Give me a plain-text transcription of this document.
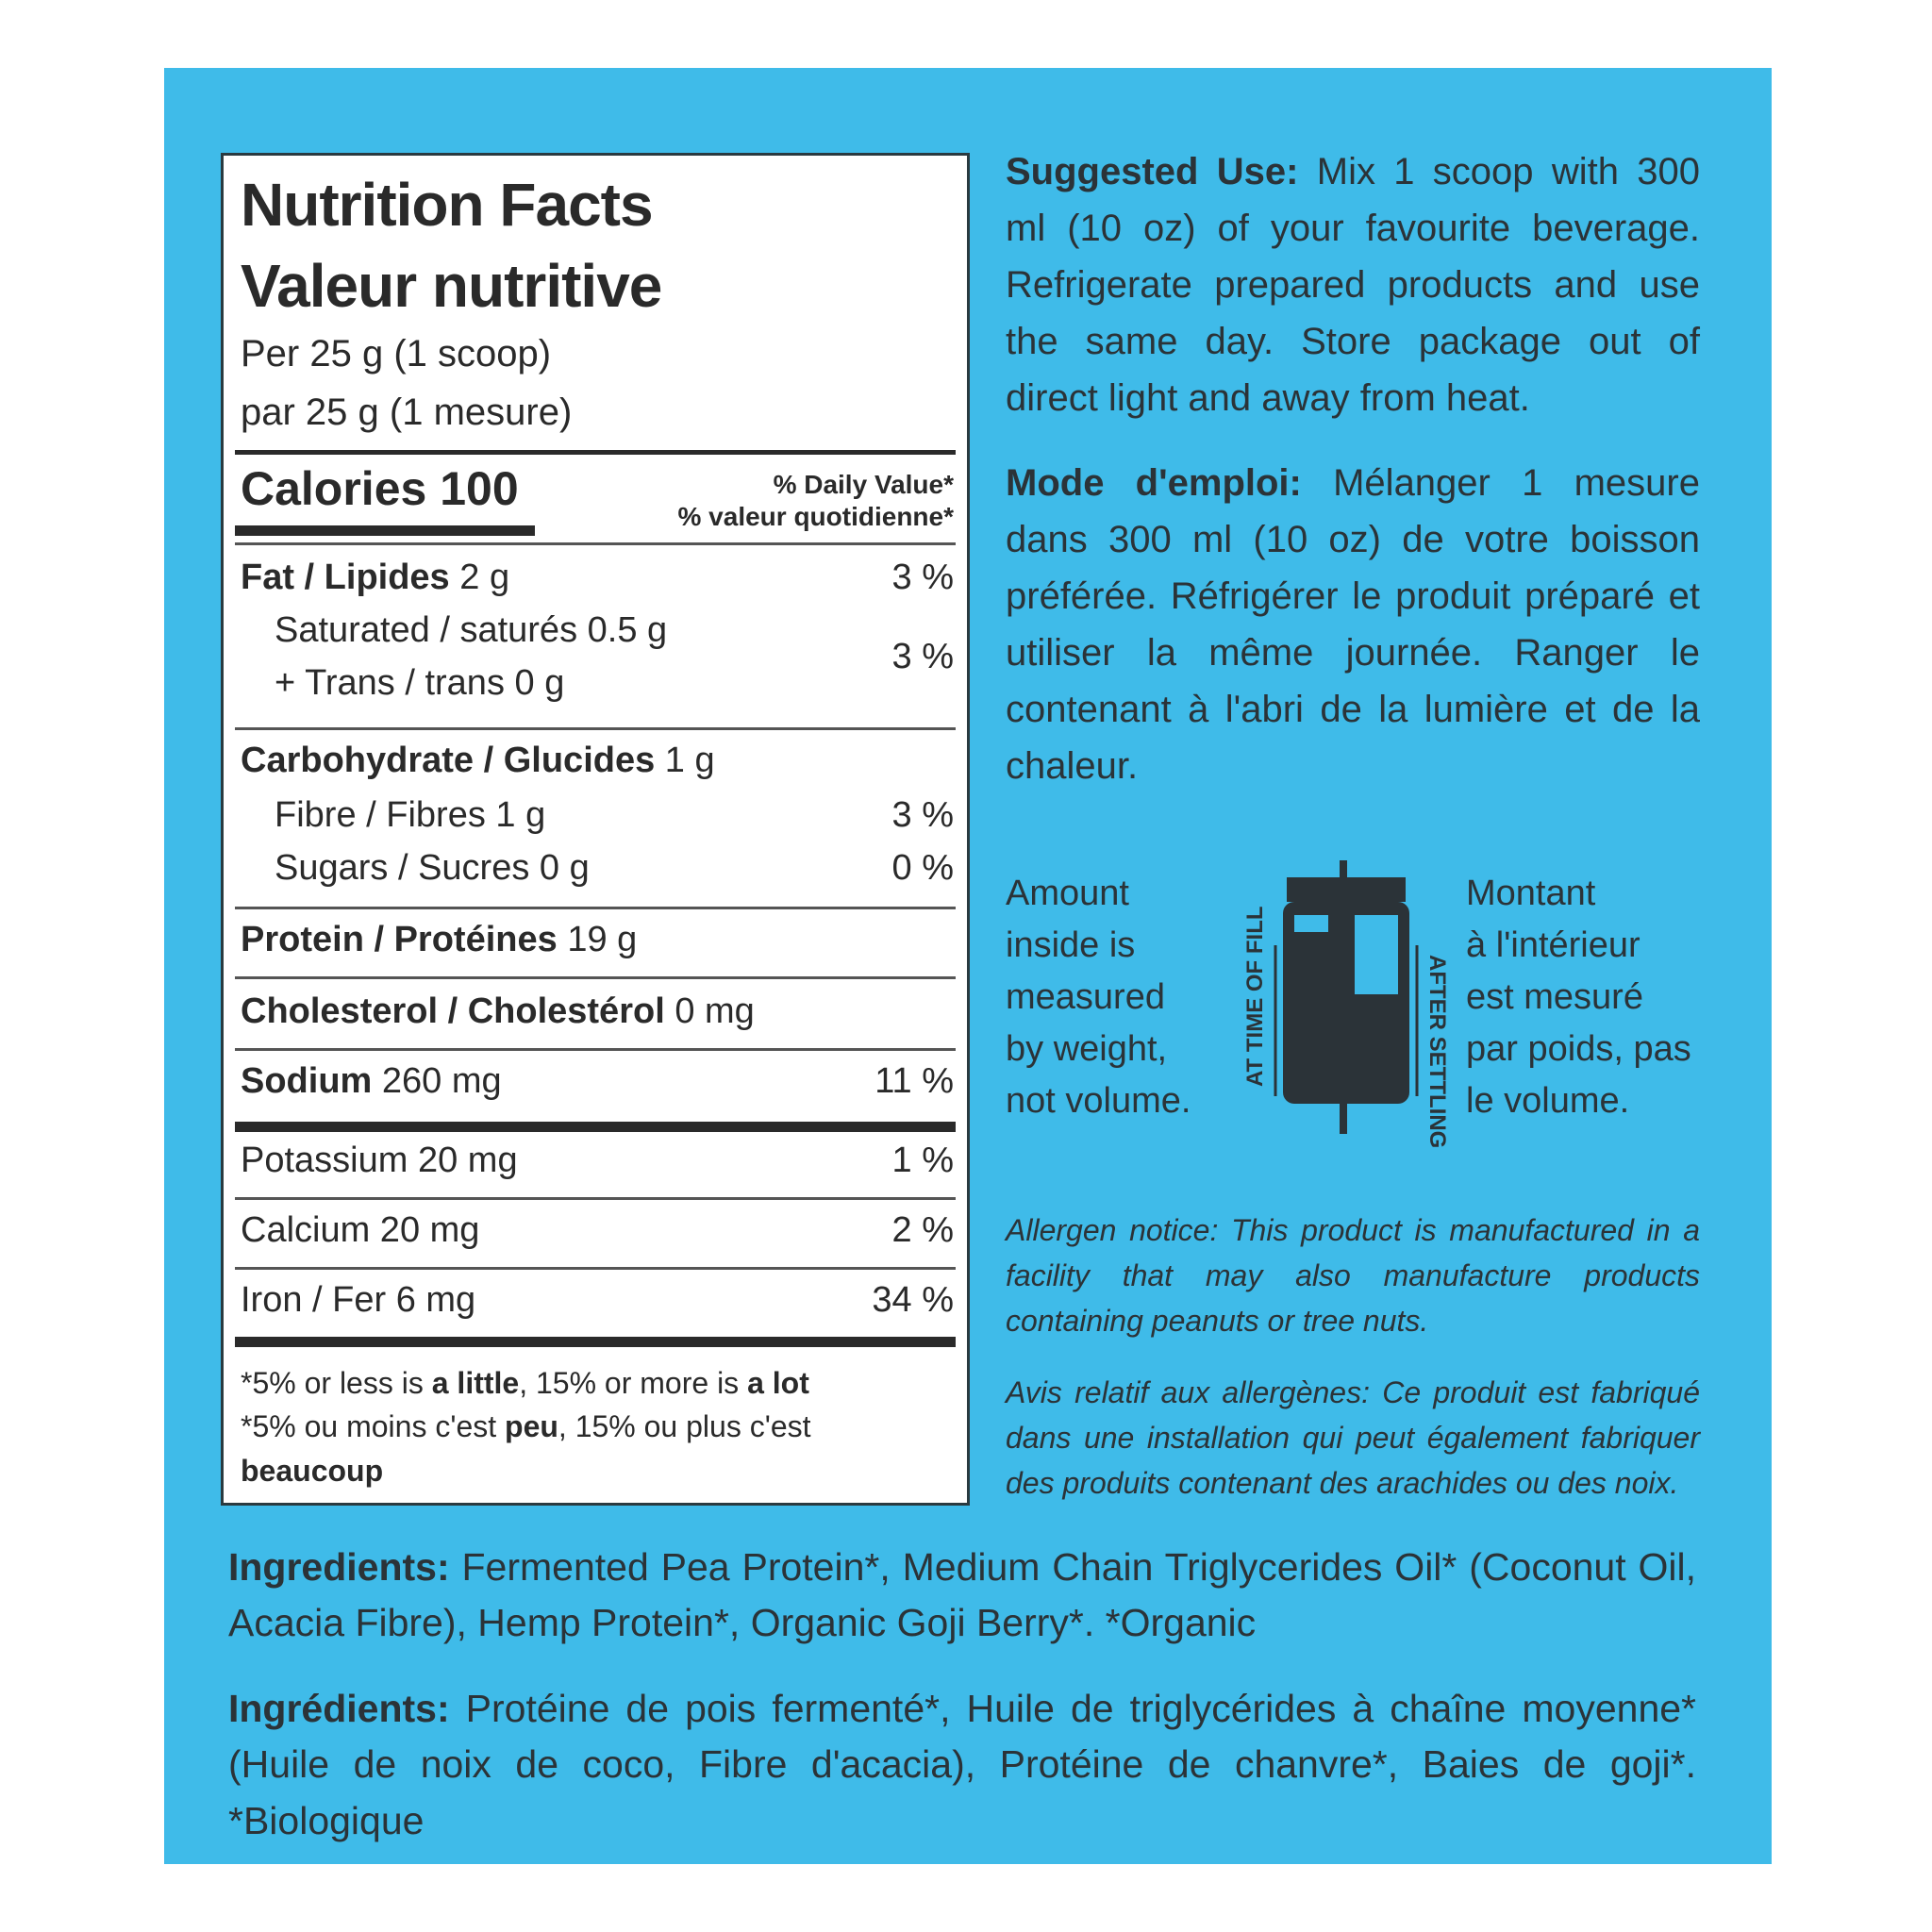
Nutrition Facts
Valeur nutritive
Per 25 g (1 scoop)
par 25 g (1 mesure)
Calories 100	% Daily Value*
% valeur quotidienne*
Fat / Lipides 2 g	3 %
Saturated / saturés 0.5 g
+ Trans / trans 0 g
3 %
Carbohydrate / Glucides 1 g
Fibre / Fibres 1 g	3 %
Sugars / Sucres 0 g	0 %
Protein / Protéines 19 g
Cholesterol / Cholestérol 0 mg
Sodium 260 mg	11 %
Potassium 20 mg	1 %
Calcium 20 mg	2 %
Iron / Fer 6 mg	34 %
*5% or less is a little, 15% or more is a lot
*5% ou moins c'est peu, 15% ou plus c'est beaucoup
Suggested Use: Mix 1 scoop with 300 ml (10 oz) of your favourite beverage. Refrigerate prepared products and use the same day. Store package out of direct light and away from heat.
Mode d'emploi: Mélanger 1 mesure dans 300 ml (10 oz) de votre boisson préférée. Réfrigérer le produit préparé et utiliser la même journée. Ranger le contenant à l'abri de la lumière et de la chaleur.
Amount
inside is
measured
by weight,
not volume.
AT TIME OF FILL	AFTER SETTLING
Montant
à l'intérieur
est mesuré
par poids, pas
le volume.
Allergen notice: This product is manufactured in a facility that may also manufacture products containing peanuts or tree nuts.
Avis relatif aux allergènes: Ce produit est fabriqué dans une installation qui peut également fabriquer des produits contenant des arachides ou des noix.
Ingredients: Fermented Pea Protein*, Medium Chain Triglycerides Oil* (Coconut Oil, Acacia Fibre), Hemp Protein*, Organic Goji Berry*. *Organic
Ingrédients: Protéine de pois fermenté*, Huile de triglycérides à chaîne moyenne* (Huile de noix de coco, Fibre d'acacia), Protéine de chanvre*, Baies de goji*. *Biologique
